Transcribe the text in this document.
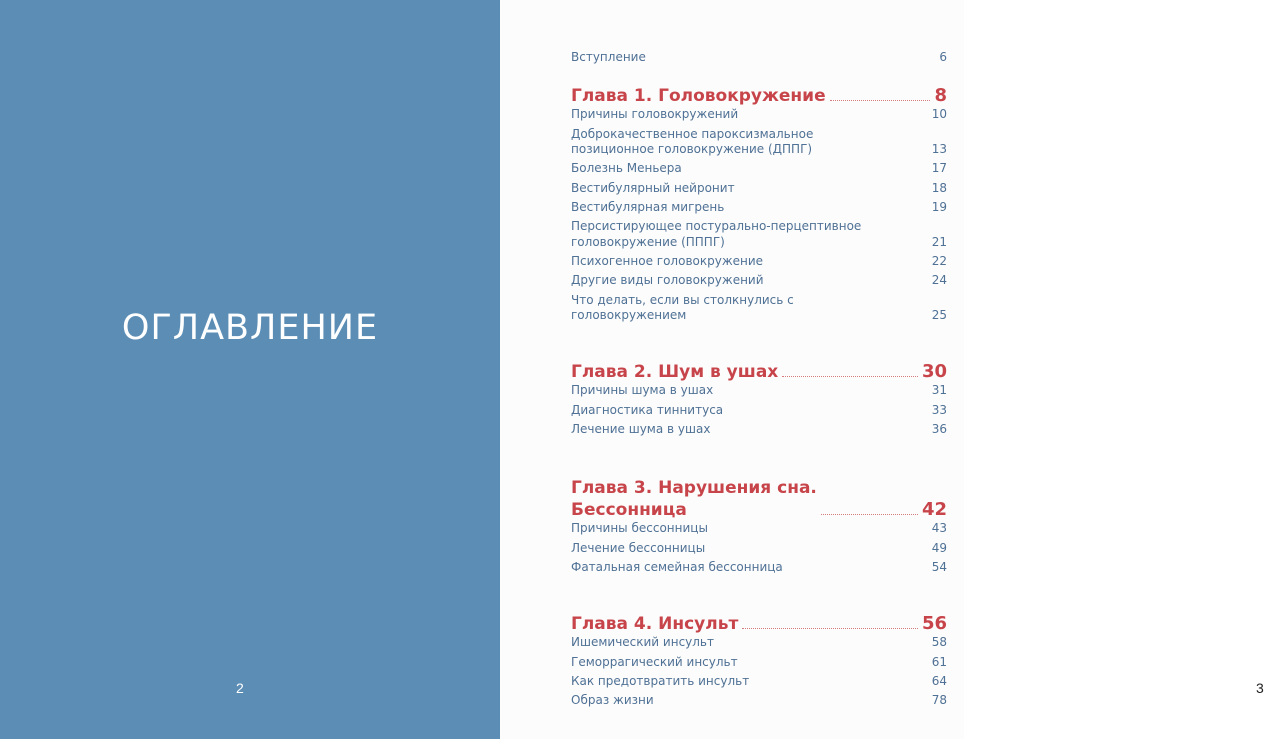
ОГЛАВЛЕНИЕ
2
Вступление	6
Глава 1. Головокружение	8
Причины головокружений	10
Доброкачественное пароксизмальное
позиционное головокружение (ДППГ)	13
Болезнь Меньера	17
Вестибулярный нейронит	18
Вестибулярная мигрень	19
Персистирующее постурально-перцептивное
головокружение (ПППГ)	21
Психогенное головокружение	22
Другие виды головокружений	24
Что делать, если вы столкнулись с головокружением	25
Глава 2. Шум в ушах	30
Причины шума в ушах	31
Диагностика тиннитуса	33
Лечение шума в ушах	36
Глава 3. Нарушения сна.
Бессонница	42
Причины бессонницы	43
Лечение бессонницы	49
Фатальная семейная бессонница	54
Глава 4. Инсульт	56
Ишемический инсульт	58
Геморрагический инсульт	61
Как предотвратить инсульт	64
Образ жизни	78
3
